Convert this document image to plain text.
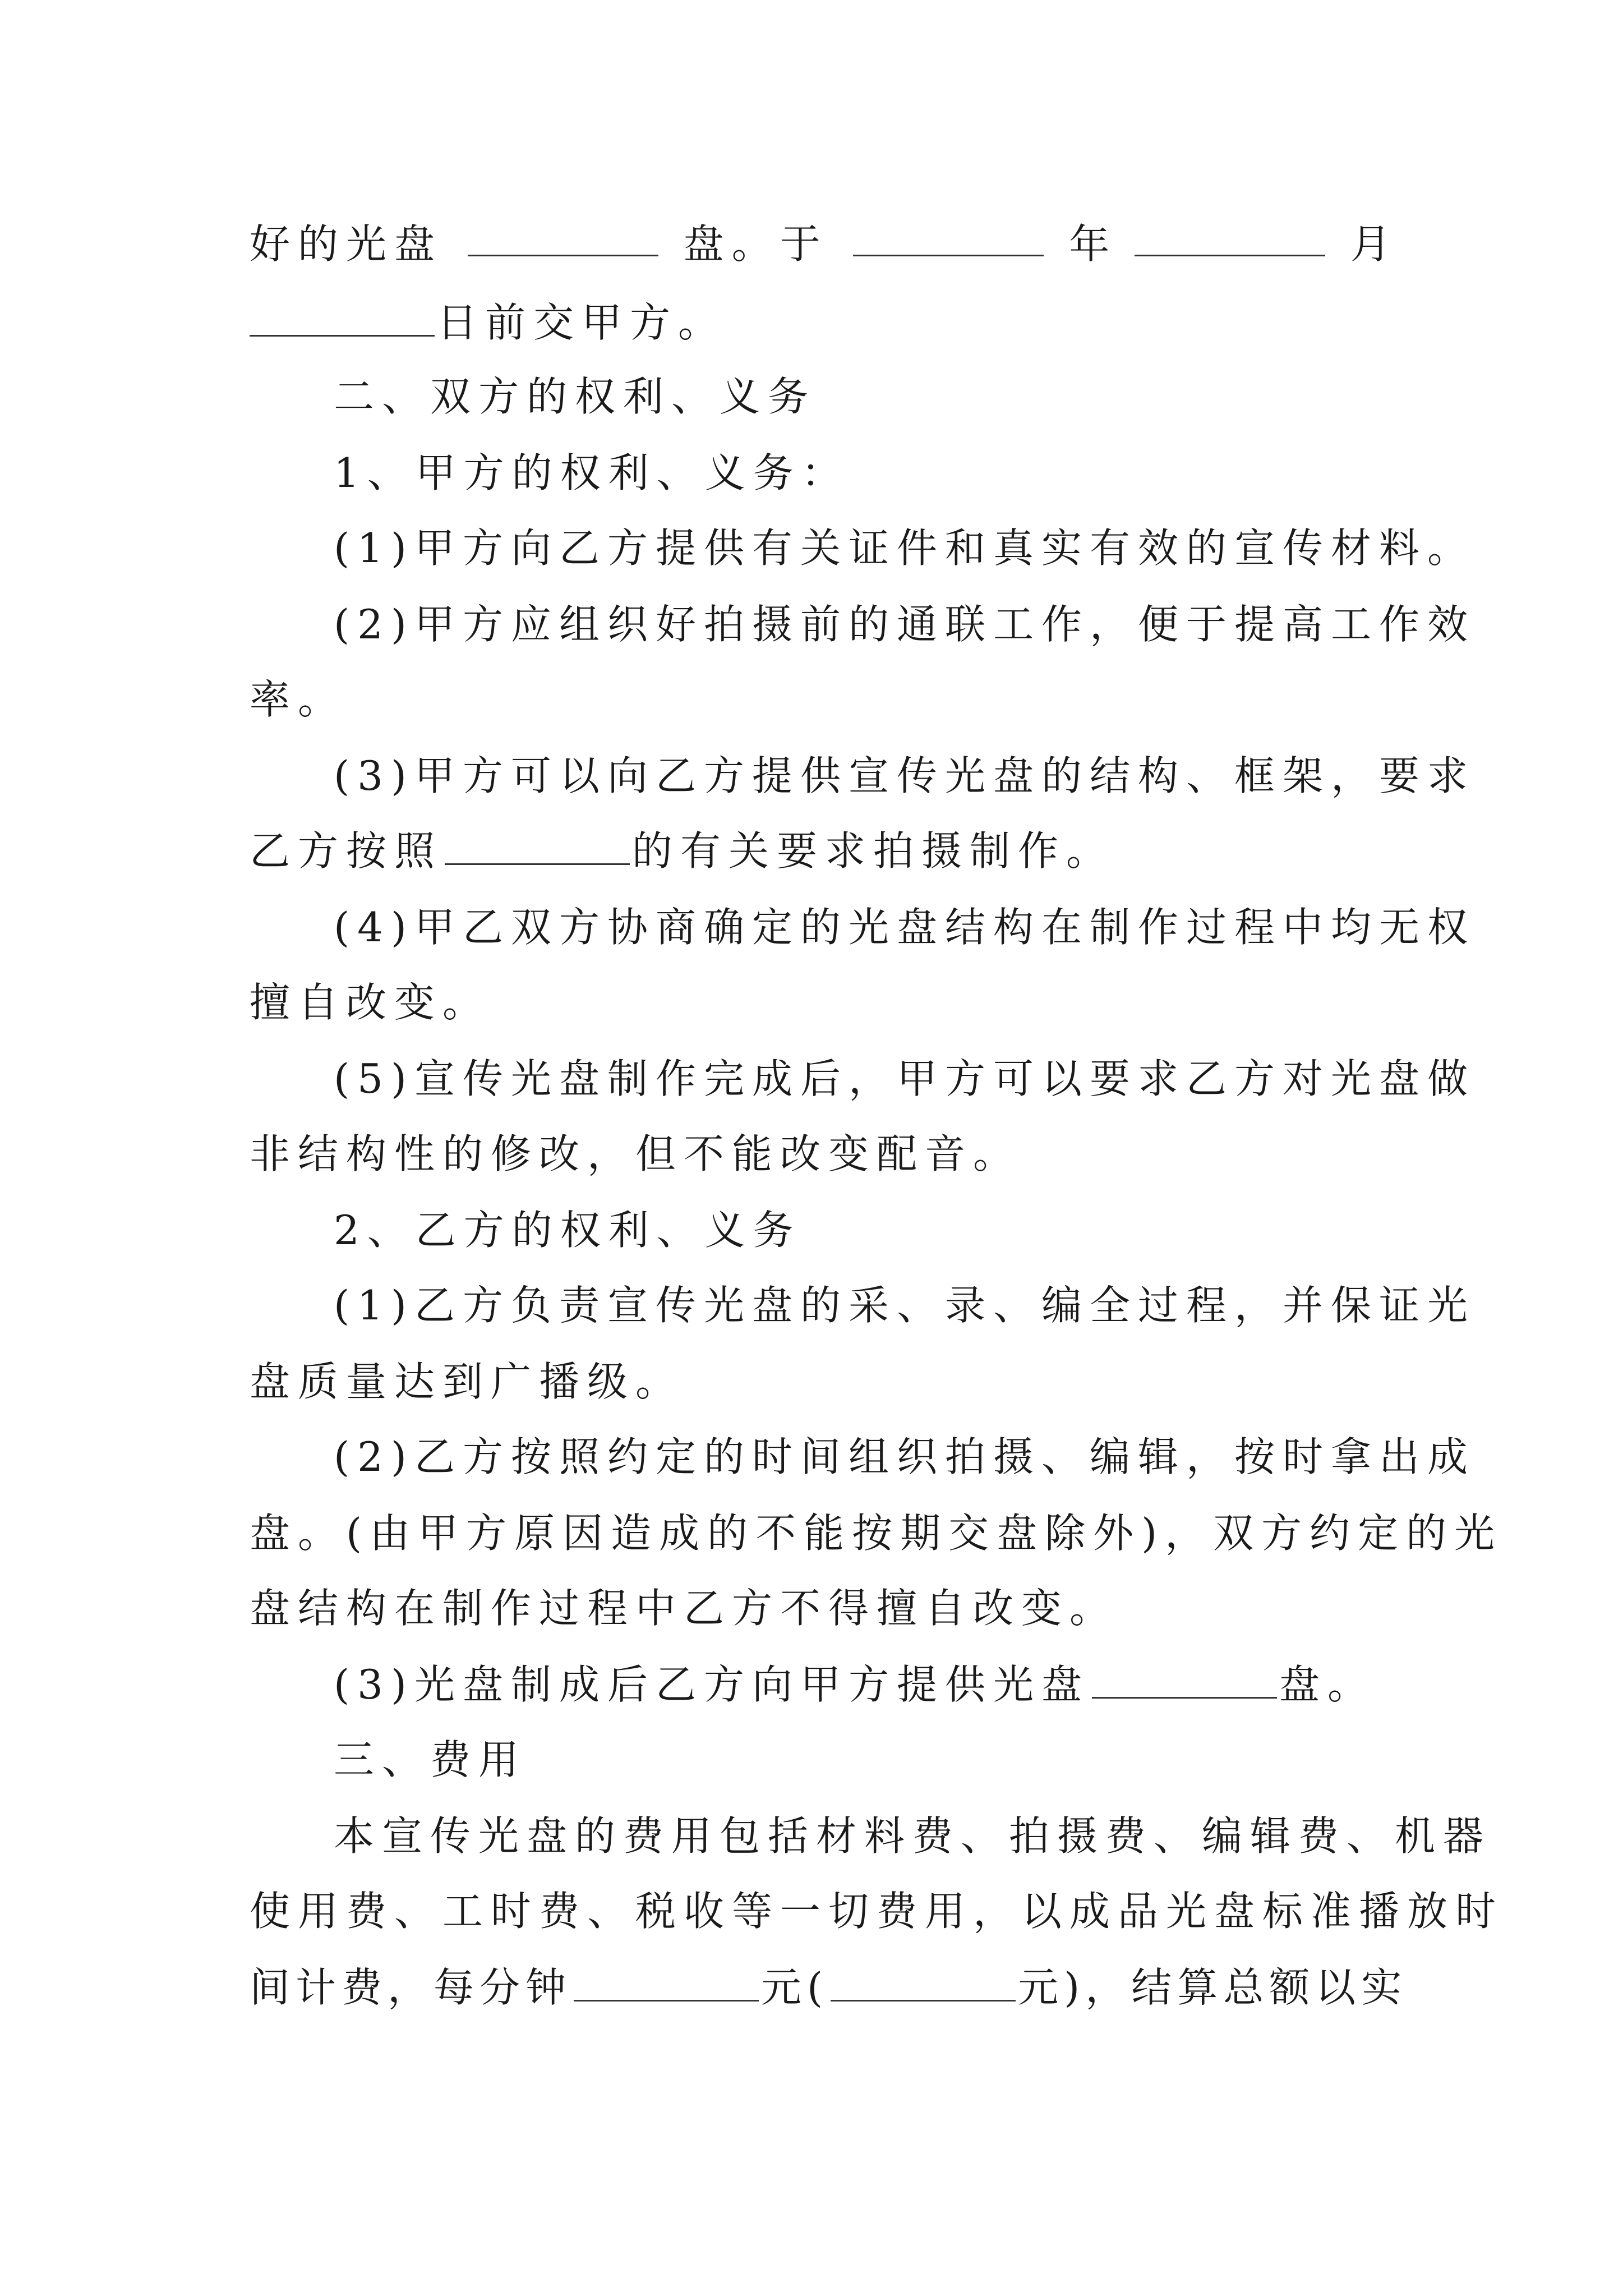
好的光盘	盘。于	年	月
日前交甲方。
二、双方的权利、义务
1、甲方的权利、义务：
(1)甲方向乙方提供有关证件和真实有效的宣传材料。
(2)甲方应组织好拍摄前的通联工作，便于提高工作效
率。
(3)甲方可以向乙方提供宣传光盘的结构、框架，要求
乙方按照	的有关要求拍摄制作。
(4)甲乙双方协商确定的光盘结构在制作过程中均无权
擅自改变。
(5)宣传光盘制作完成后，甲方可以要求乙方对光盘做
非结构性的修改，但不能改变配音。
2、乙方的权利、义务
(1)乙方负责宣传光盘的采、录、编全过程，并保证光
盘质量达到广播级。
(2)乙方按照约定的时间组织拍摄、编辑，按时拿出成
盘。(由甲方原因造成的不能按期交盘除外)，双方约定的光
盘结构在制作过程中乙方不得擅自改变。
(3)光盘制成后乙方向甲方提供光盘	盘。
三、费用
本宣传光盘的费用包括材料费、拍摄费、编辑费、机器
使用费、工时费、税收等一切费用，以成品光盘标准播放时
间计费，每分钟	元(	元)，结算总额以实
